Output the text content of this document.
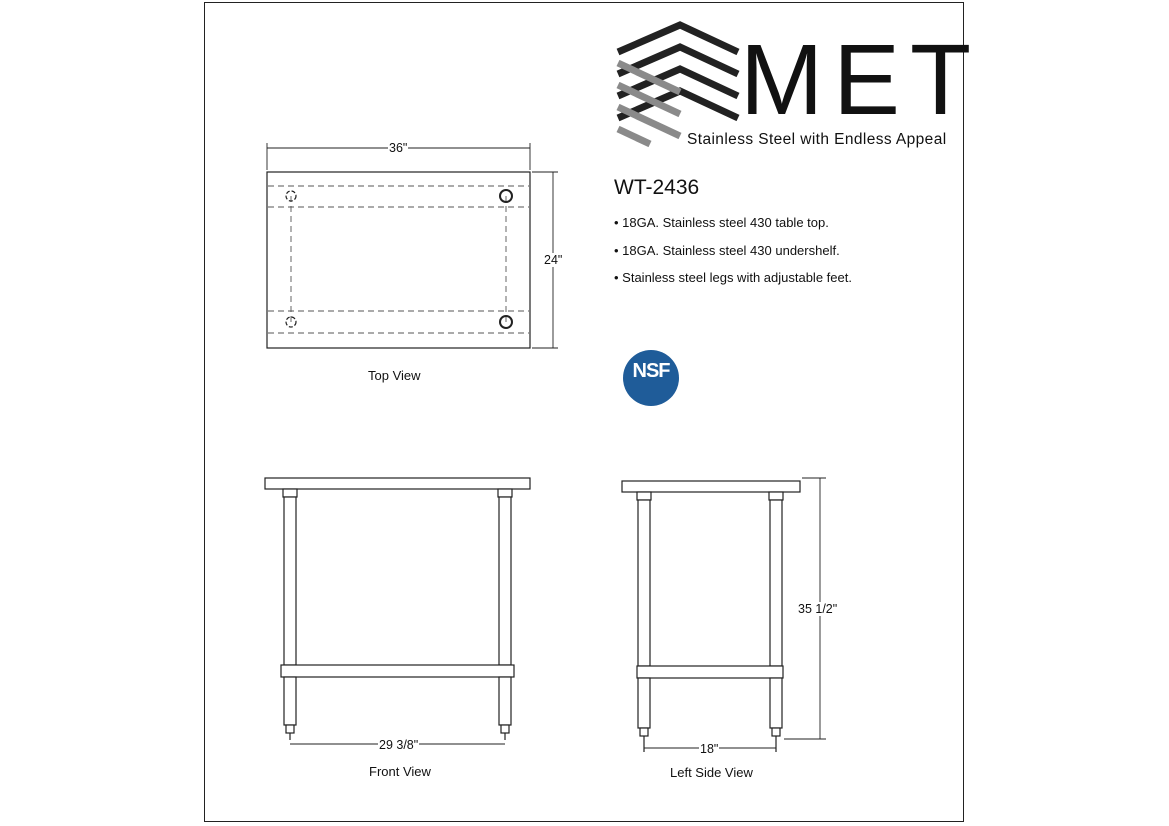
MET
Stainless Steel with Endless Appeal
WT-2436
• 18GA. Stainless steel 430 table top.
• 18GA. Stainless steel 430 undershelf.
• Stainless steel legs with adjustable feet.
NSF
36"
24"
Top View
29 3/8"
Front View
18"
35 1/2"
Left Side View
